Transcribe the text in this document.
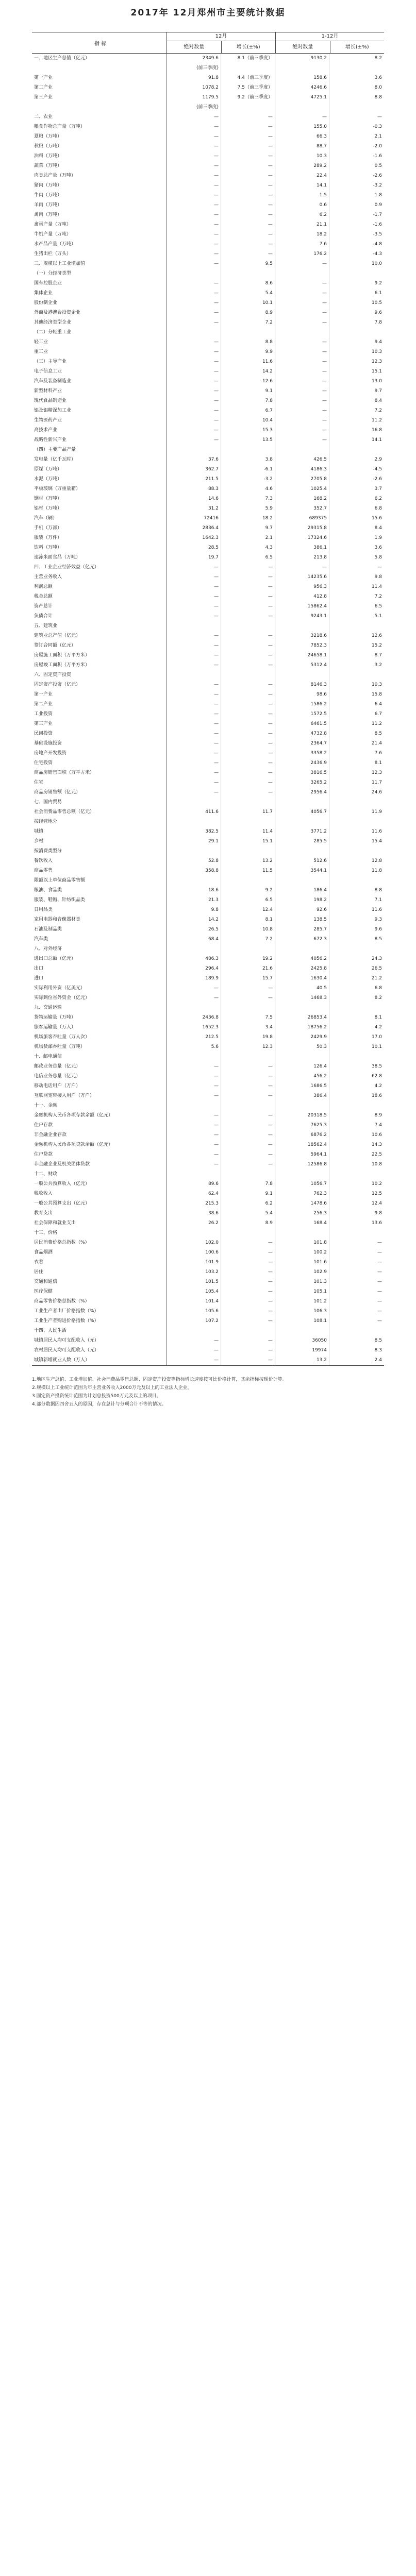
2017年 12月郑州市主要统计数据
指 标
12月
绝对数量	增长(±%)
1-12月
绝对数量	增长(±%)
一、地区生产总值（亿元）	2349.6	8.1（前三季度）	9130.2	8.2
(前三季度)
第一产业	91.8	4.4（前三季度）	158.6	3.6
第二产业	1078.2	7.5（前三季度）	4246.6	8.0
第三产业	1179.5	9.2（前三季度）	4725.1	8.8
(前三季度)
二、农业	—	—	—	—
粮食作物总产量（万吨）	—	—	155.0	-0.3
夏粮（万吨）	—	—	66.3	2.1
秋粮（万吨）	—	—	88.7	-2.0
油料（万吨）	—	—	10.3	-1.6
蔬菜（万吨）	—	—	289.2	0.5
肉类总产量（万吨）	—	—	22.4	-2.6
猪肉（万吨）	—	—	14.1	-3.2
牛肉（万吨）	—	—	1.5	1.8
羊肉（万吨）	—	—	0.6	0.9
禽肉（万吨）	—	—	6.2	-1.7
禽蛋产量（万吨）	—	—	21.1	-1.6
牛奶产量（万吨）	—	—	18.2	-3.5
水产品产量（万吨）	—	—	7.6	-4.8
生猪出栏（万头）	—	—	176.2	-4.3
三、规模以上工业增加值	—	9.5	—	10.0
（一）分经济类型
国有控股企业	—	8.6	—	9.2
集体企业	—	5.4	—	6.1
股份制企业	—	10.1	—	10.5
外商及港澳台投资企业	—	8.9	—	9.6
其他经济类型企业	—	7.2	—	7.8
（二）分轻重工业
轻工业	—	8.8	—	9.4
重工业	—	9.9	—	10.3
（三）主导产业	—	11.6	—	12.3
电子信息工业	—	14.2	—	15.1
汽车及装备制造业	—	12.6	—	13.0
新型材料产业	—	9.1	—	9.7
现代食品制造业	—	7.8	—	8.4
铝及铝精深加工业	—	6.7	—	7.2
生物医药产业	—	10.4	—	11.2
高技术产业	—	15.3	—	16.8
战略性新兴产业	—	13.5	—	14.1
（四）主要产品产量
发电量（亿千瓦时）	37.6	3.8	426.5	2.9
原煤（万吨）	362.7	-6.1	4186.3	-4.5
水泥（万吨）	211.5	-3.2	2705.8	-2.6
平板玻璃（万重量箱）	88.3	4.6	1025.4	3.7
钢材（万吨）	14.6	7.3	168.2	6.2
铝材（万吨）	31.2	5.9	352.7	6.8
汽车（辆）	72416	18.2	689375	15.6
手机（万部）	2836.4	9.7	29315.8	8.4
服装（万件）	1642.3	2.1	17324.6	1.9
饮料（万吨）	28.5	4.3	386.1	3.6
速冻米面食品（万吨）	19.7	6.5	213.8	5.8
四、工业企业经济效益（亿元）	—	—	—	—
主营业务收入	—	—	14235.6	9.8
利润总额	—	—	956.3	11.4
税金总额	—	—	412.8	7.2
资产总计	—	—	15862.4	6.5
负债合计	—	—	9243.1	5.1
五、建筑业
建筑业总产值（亿元）	—	—	3218.6	12.6
签订合同额（亿元）	—	—	7852.3	15.2
房屋施工面积（万平方米）	—	—	24658.1	8.7
房屋竣工面积（万平方米）	—	—	5312.4	3.2
六、固定资产投资
固定资产投资（亿元）	—	—	8146.3	10.3
第一产业	—	—	98.6	15.8
第二产业	—	—	1586.2	6.4
工业投资	—	—	1572.5	6.7
第三产业	—	—	6461.5	11.2
民间投资	—	—	4732.8	8.5
基础设施投资	—	—	2364.7	21.4
房地产开发投资	—	—	3358.2	7.6
住宅投资	—	—	2436.9	8.1
商品房销售面积（万平方米）	—	—	3816.5	12.3
住宅	—	—	3265.2	11.7
商品房销售额（亿元）	—	—	2956.4	24.6
七、国内贸易
社会消费品零售总额（亿元）	411.6	11.7	4056.7	11.9
按经营地分
城镇	382.5	11.4	3771.2	11.6
乡村	29.1	15.1	285.5	15.4
按消费类型分
餐饮收入	52.8	13.2	512.6	12.8
商品零售	358.8	11.5	3544.1	11.8
限额以上单位商品零售额
粮油、食品类	18.6	9.2	186.4	8.8
服装、鞋帽、针纺织品类	21.3	6.5	198.2	7.1
日用品类	9.8	12.4	92.6	11.6
家用电器和音像器材类	14.2	8.1	138.5	9.3
石油及制品类	26.5	10.8	285.7	9.6
汽车类	68.4	7.2	672.3	8.5
八、对外经济
进出口总额（亿元）	486.3	19.2	4056.2	24.3
出口	296.4	21.6	2425.8	26.5
进口	189.9	15.7	1630.4	21.2
实际利用外资（亿美元）	—	—	40.5	6.8
实际到位省外资金（亿元）	—	—	1468.3	8.2
九、交通运输
货物运输量（万吨）	2436.8	7.5	26853.4	8.1
旅客运输量（万人）	1652.3	3.4	18756.2	4.2
机场旅客吞吐量（万人次）	212.5	19.8	2429.9	17.0
机场货邮吞吐量（万吨）	5.6	12.3	50.3	10.1
十、邮电通信
邮政业务总量（亿元）	—	—	126.4	38.5
电信业务总量（亿元）	—	—	456.2	62.8
移动电话用户（万户）	—	—	1686.5	4.2
互联网宽带接入用户（万户）	—	—	386.4	18.6
十一、金融
金融机构人民币各项存款余额（亿元）	—	—	20318.5	8.9
住户存款	—	—	7625.3	7.4
非金融企业存款	—	—	6876.2	10.6
金融机构人民币各项贷款余额（亿元）	—	—	18562.4	14.3
住户贷款	—	—	5964.1	22.5
非金融企业及机关团体贷款	—	—	12586.8	10.8
十二、财政
一般公共预算收入（亿元）	89.6	7.8	1056.7	10.2
税收收入	62.4	9.1	762.3	12.5
一般公共预算支出（亿元）	215.3	6.2	1478.6	12.4
教育支出	38.6	5.4	256.3	9.8
社会保障和就业支出	26.2	8.9	168.4	13.6
十三、价格
居民消费价格总指数（%）	102.0	—	101.8	—
食品烟酒	100.6	—	100.2	—
衣着	101.9	—	101.6	—
居住	103.2	—	102.9	—
交通和通信	101.5	—	101.3	—
医疗保健	105.4	—	105.1	—
商品零售价格总指数（%）	101.4	—	101.2	—
工业生产者出厂价格指数（%）	105.6	—	106.3	—
工业生产者购进价格指数（%）	107.2	—	108.1	—
十四、人民生活
城镇居民人均可支配收入（元）	—	—	36050	8.5
农村居民人均可支配收入（元）	—	—	19974	8.3
城镇新增就业人数（万人）	—	—	13.2	2.4

1.地区生产总值、工业增加值、社会消费品零售总额、固定资产投资等指标增长速度按可比价格计算，其余指标按现价计算。

2.规模以上工业统计范围为年主营业务收入2000万元及以上的工业法人企业。

3.固定资产投资统计范围为计划总投资500万元及以上的项目。

4.部分数据因四舍五入的原因，存在总计与分项合计不等的情况。
